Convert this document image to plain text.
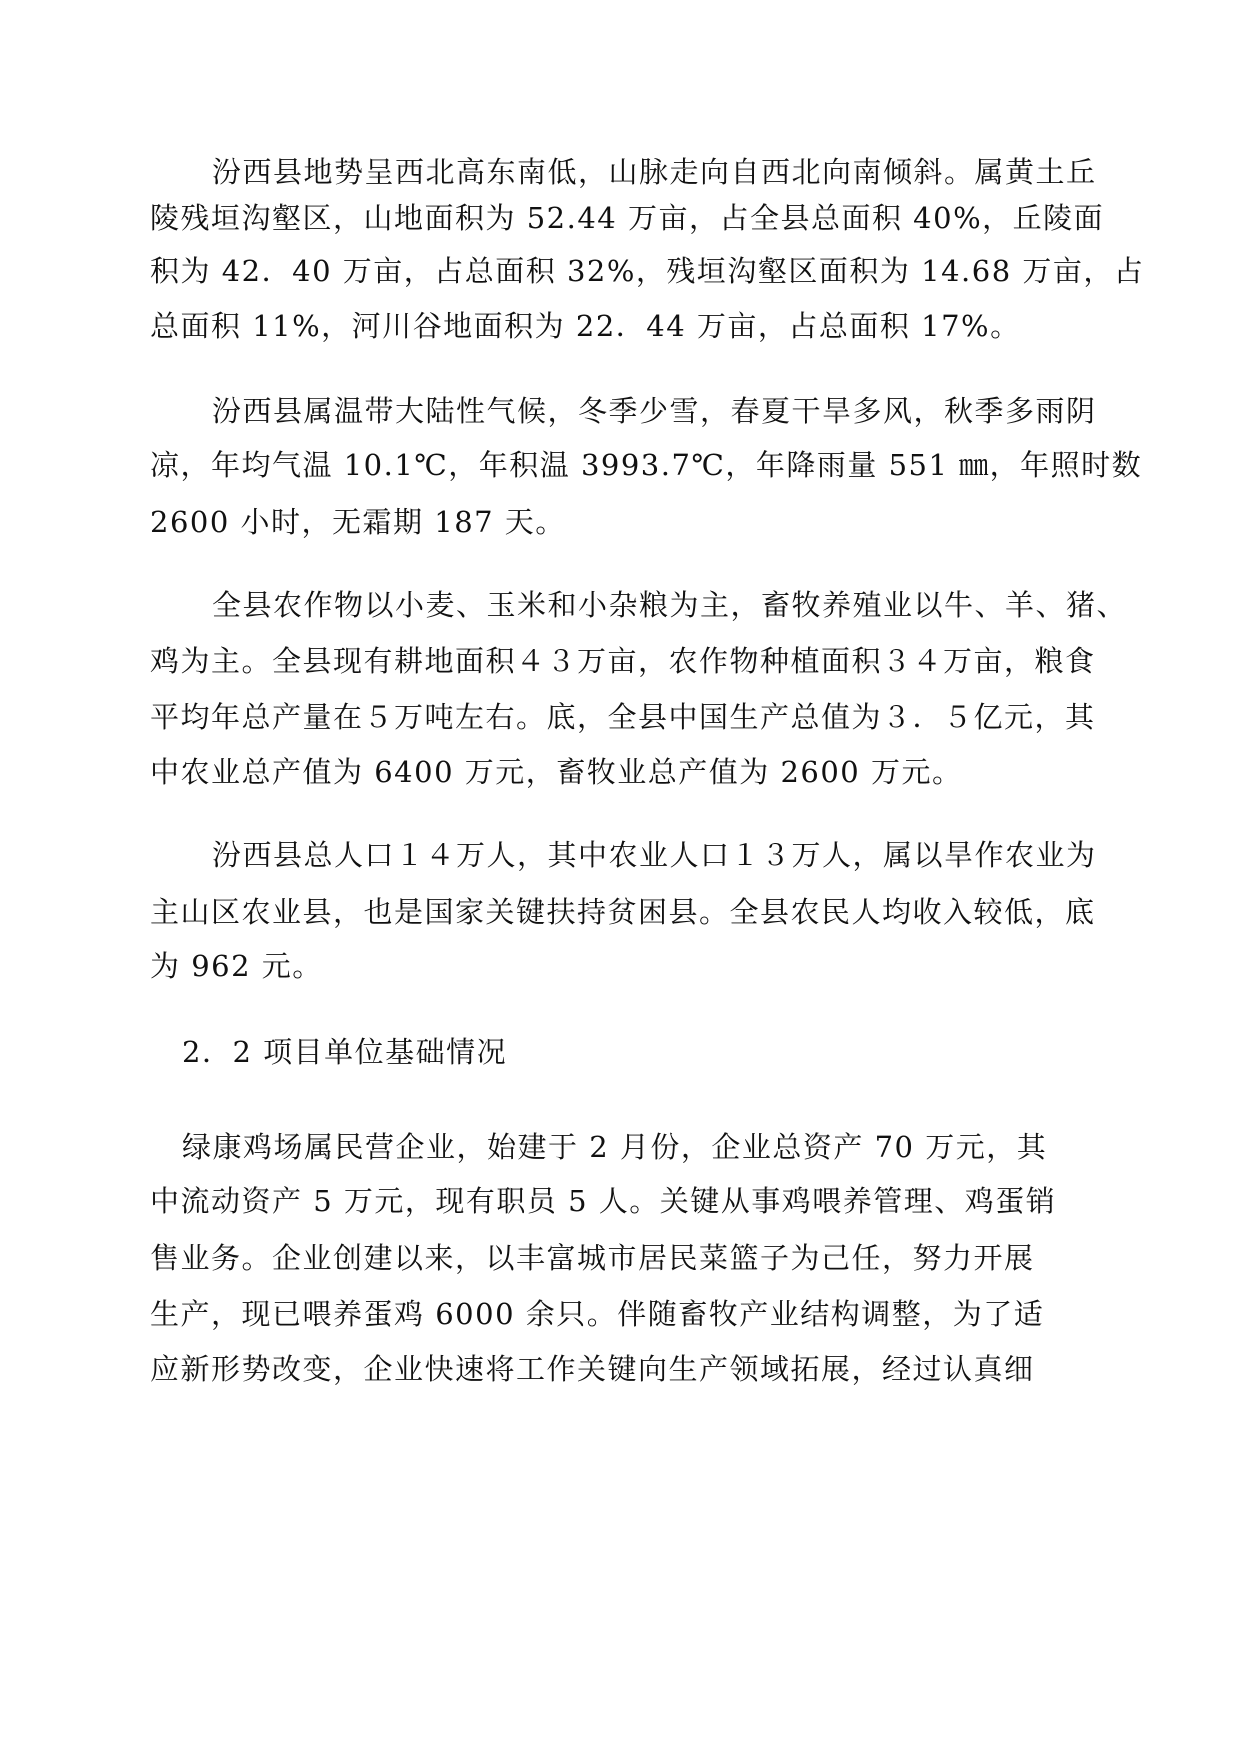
汾西县地势呈西北高东南低，山脉走向自西北向南倾斜。属黄土丘
陵残垣沟壑区，山地面积为 52.44 万亩，占全县总面积 40%，丘陵面
积为 42．40 万亩，占总面积 32%，残垣沟壑区面积为 14.68 万亩，占
总面积 11%，河川谷地面积为 22．44 万亩，占总面积 17%。
汾西县属温带大陆性气候，冬季少雪，春夏干旱多风，秋季多雨阴
凉，年均气温 10.1℃，年积温 3993.7℃，年降雨量 551 ㎜，年照时数
2600 小时，无霜期 187 天。
全县农作物以小麦、玉米和小杂粮为主，畜牧养殖业以牛、羊、猪、
鸡为主。全县现有耕地面积４３万亩，农作物种植面积３４万亩，粮食
平均年总产量在５万吨左右。底，全县中国生产总值为３．５亿元，其
中农业总产值为 6400 万元，畜牧业总产值为 2600 万元。
汾西县总人口１４万人，其中农业人口１３万人，属以旱作农业为
主山区农业县，也是国家关键扶持贫困县。全县农民人均收入较低，底
为 962 元。
2．2 项目单位基础情况
绿康鸡场属民营企业，始建于 2 月份，企业总资产 70 万元，其
中流动资产 5 万元，现有职员 5 人。关键从事鸡喂养管理、鸡蛋销
售业务。企业创建以来，以丰富城市居民菜篮子为己任，努力开展
生产，现已喂养蛋鸡 6000 余只。伴随畜牧产业结构调整，为了适
应新形势改变，企业快速将工作关键向生产领域拓展，经过认真细
